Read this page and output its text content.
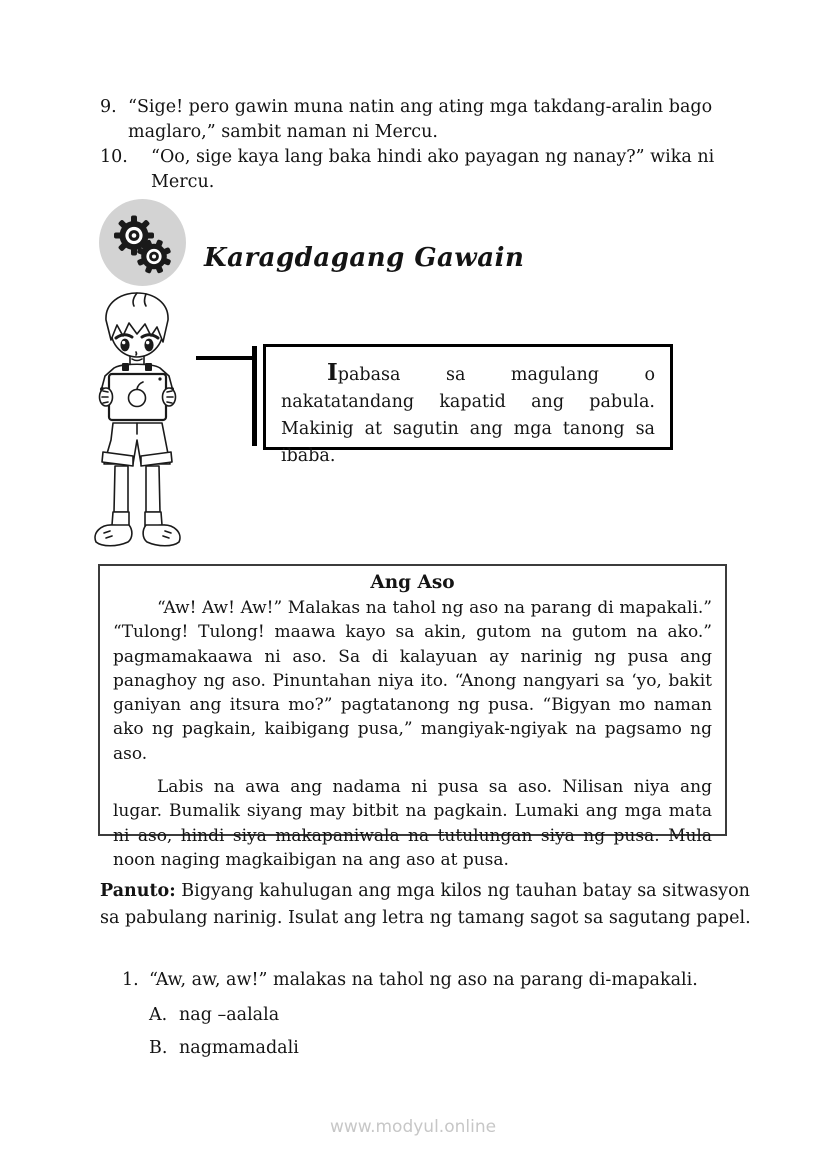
9. “Sige! pero gawin muna natin ang ating mga takdang-aralin bago maglaro,” sambit naman ni Mercu.
10. “Oo, sige kaya lang baka hindi ako payagan ng nanay?” wika ni Mercu.
Karagdagang Gawain
Ipabasa sa magulang o nakatatandang kapatid ang pabula. Makinig at sagutin ang mga tanong sa ibaba.
Ang Aso

“Aw! Aw! Aw!” Malakas na tahol ng aso na parang di mapakali.” “Tulong! Tulong! maawa kayo sa akin, gutom na gutom na ako.” pagmamakaawa ni aso. Sa di kalayuan ay narinig ng pusa ang panaghoy ng aso. Pinuntahan niya ito. “Anong nangyari sa ‘yo, bakit ganiyan ang itsura mo?” pagtatanong ng pusa. “Bigyan mo naman ako ng pagkain, kaibigang pusa,” mangiyak-ngiyak na pagsamo ng aso.

Labis na awa ang nadama ni pusa sa aso. Nilisan niya ang lugar. Bumalik siyang may bitbit na pagkain. Lumaki ang mga mata ni aso, hindi siya makapaniwala na tutulungan siya ng pusa. Mula noon naging magkaibigan na ang aso at pusa.

Panuto: Bigyang kahulugan ang mga kilos ng tauhan batay sa sitwasyon sa pabulang narinig. Isulat ang letra ng tamang sagot sa sagutang papel.
1. “Aw, aw, aw!” malakas na tahol ng aso na parang di-mapakali.
A. nag –aalala
B. nagmamadali
www.modyul.online
